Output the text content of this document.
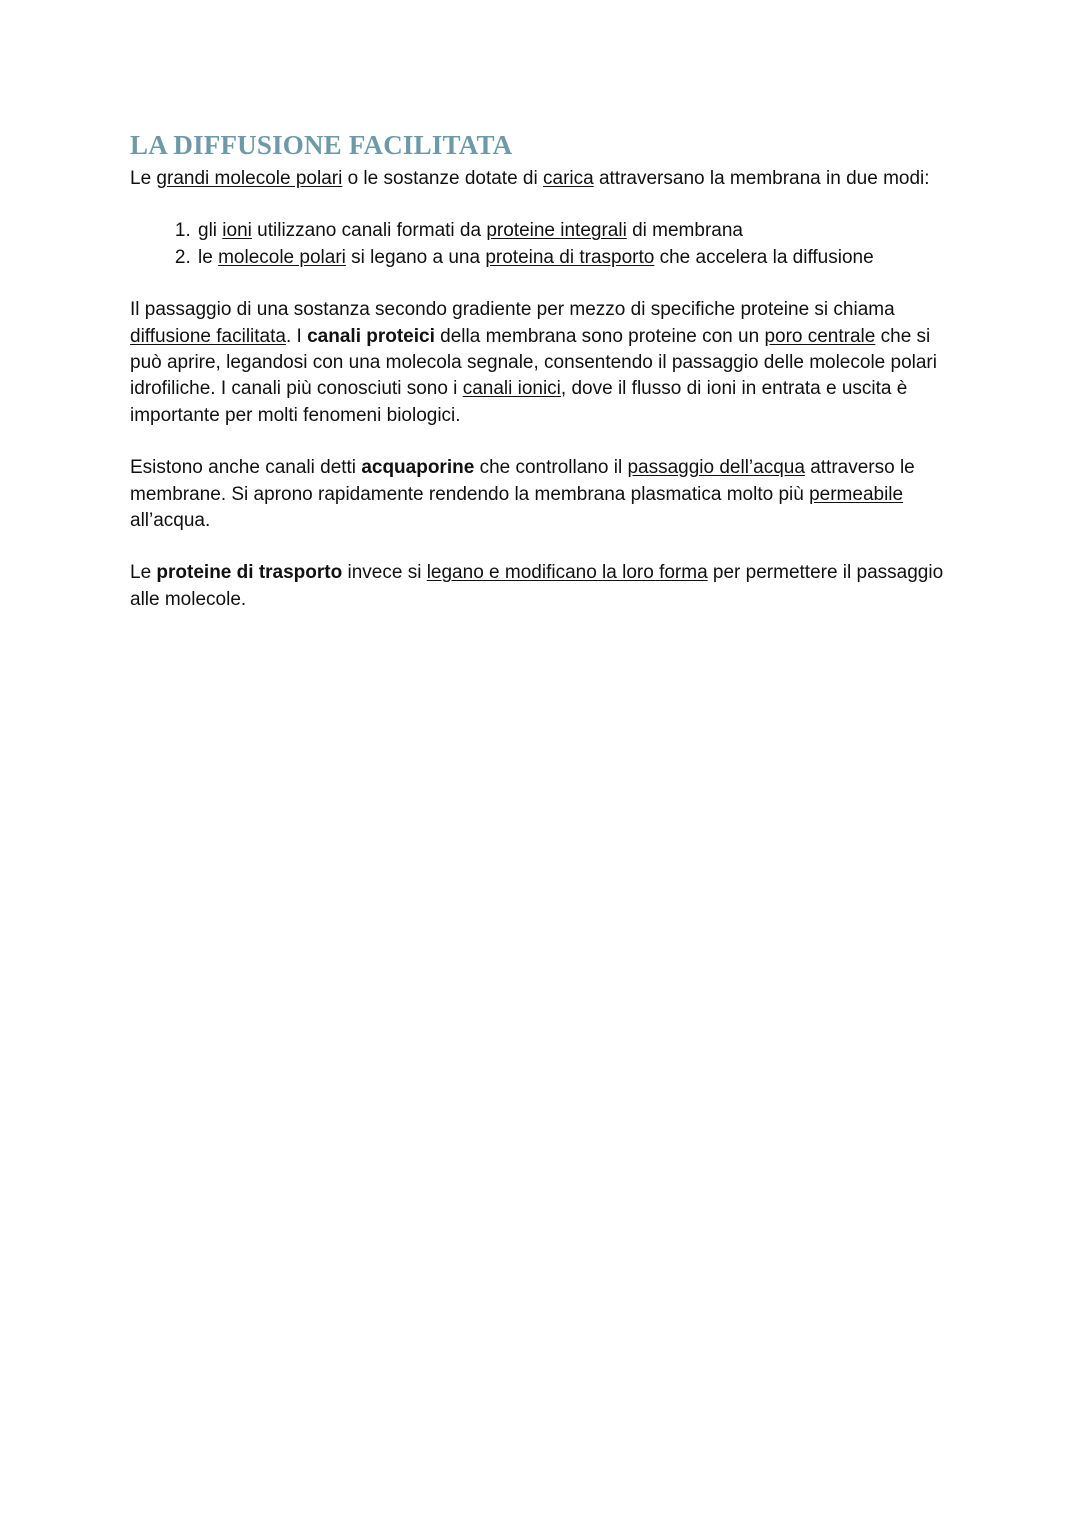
LA DIFFUSIONE FACILITATA

Le grandi molecole polari o le sostanze dotate di carica attraversano la membrana in due modi:

1. gli ioni utilizzano canali formati da proteine integrali di membrana
2. le molecole polari si legano a una proteina di trasporto che accelera la diffusione

Il passaggio di una sostanza secondo gradiente per mezzo di specifiche proteine si chiama diffusione facilitata. I canali proteici della membrana sono proteine con un poro centrale che si può aprire, legandosi con una molecola segnale, consentendo il passaggio delle molecole polari idrofiliche. I canali più conosciuti sono i canali ionici, dove il flusso di ioni in entrata e uscita è importante per molti fenomeni biologici.

Esistono anche canali detti acquaporine che controllano il passaggio dell’acqua attraverso le membrane. Si aprono rapidamente rendendo la membrana plasmatica molto più permeabile all’acqua.

Le proteine di trasporto invece si legano e modificano la loro forma per permettere il passaggio alle molecole.
